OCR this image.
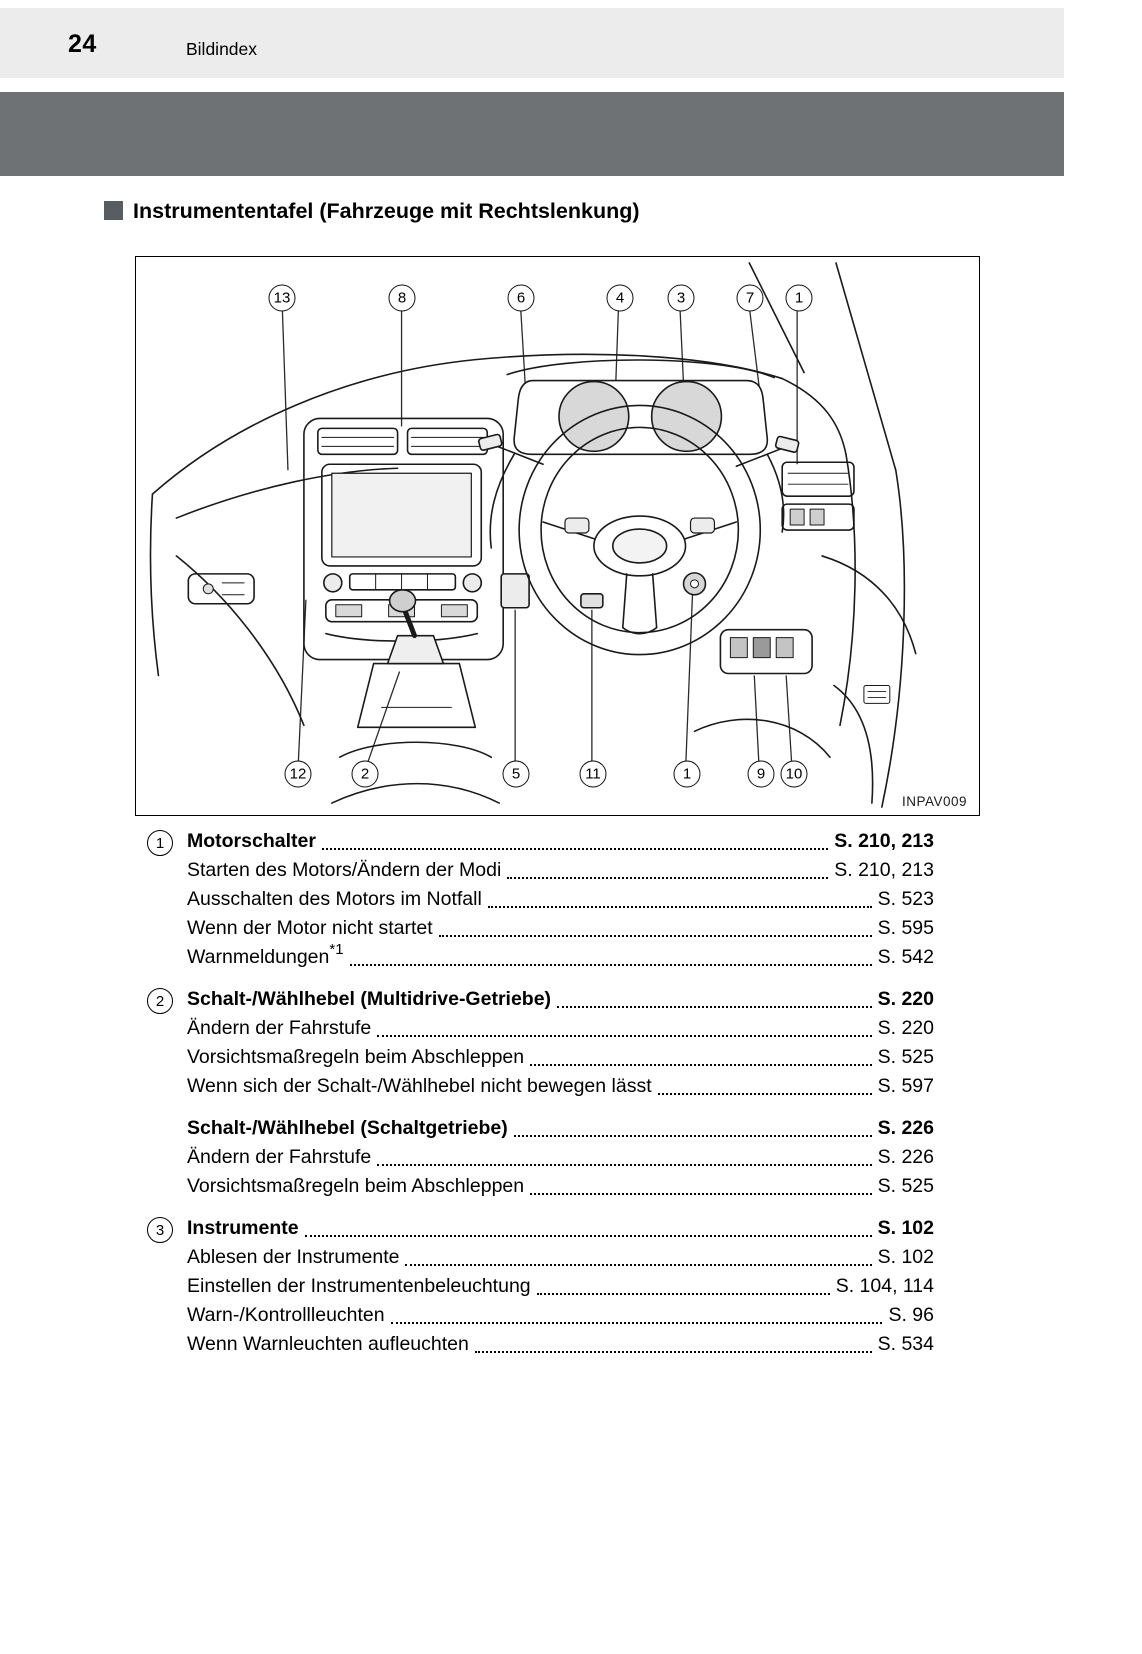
24	Bildindex
Instrumententafel (Fahrzeuge mit Rechtslenkung)
13	8	6	4	3	7	1
12	2	5	11	1	9	10
INPAV009
1	Motorschalter	S. 210, 213
Starten des Motors/Ändern der Modi	S. 210, 213
Ausschalten des Motors im Notfall	S. 523
Wenn der Motor nicht startet	S. 595
Warnmeldungen$^{*1}$	S. 542
2	Schalt-/Wählhebel (Multidrive-Getriebe)	S. 220
Ändern der Fahrstufe	S. 220
Vorsichtsmaßregeln beim Abschleppen	S. 525
Wenn sich der Schalt-/Wählhebel nicht bewegen lässt	S. 597
Schalt-/Wählhebel (Schaltgetriebe)	S. 226
Ändern der Fahrstufe	S. 226
Vorsichtsmaßregeln beim Abschleppen	S. 525
3	Instrumente	S. 102
Ablesen der Instrumente	S. 102
Einstellen der Instrumentenbeleuchtung	S. 104, 114
Warn-/Kontrollleuchten	S. 96
Wenn Warnleuchten aufleuchten	S. 534
